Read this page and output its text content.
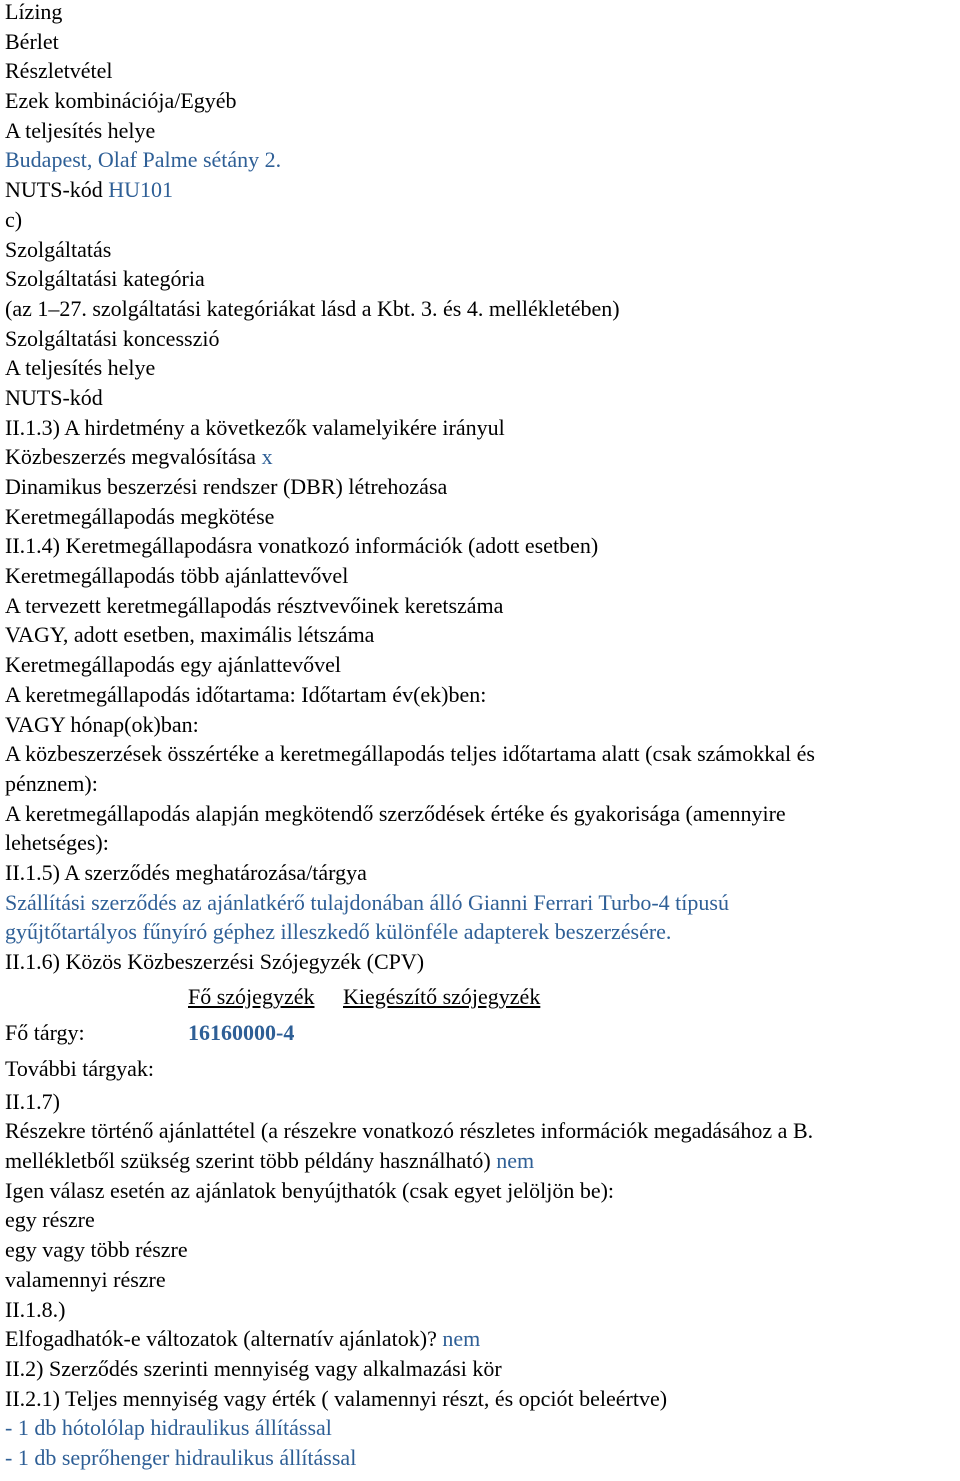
Lízing
Bérlet
Részletvétel
Ezek kombinációja/Egyéb
A teljesítés helye
Budapest, Olaf Palme sétány 2.
NUTS-kód HU101
c)
Szolgáltatás
Szolgáltatási kategória
(az 1–27. szolgáltatási kategóriákat lásd a Kbt. 3. és 4. mellékletében)
Szolgáltatási koncesszió
A teljesítés helye
NUTS-kód
II.1.3) A hirdetmény a következők valamelyikére irányul
Közbeszerzés megvalósítása x
Dinamikus beszerzési rendszer (DBR) létrehozása
Keretmegállapodás megkötése
II.1.4) Keretmegállapodásra vonatkozó információk (adott esetben)
Keretmegállapodás több ajánlattevővel
A tervezett keretmegállapodás résztvevőinek keretszáma
VAGY, adott esetben, maximális létszáma
Keretmegállapodás egy ajánlattevővel
A keretmegállapodás időtartama: Időtartam év(ek)ben:
VAGY hónap(ok)ban:
A közbeszerzések összértéke a keretmegállapodás teljes időtartama alatt (csak számokkal és
pénznem):
A keretmegállapodás alapján megkötendő szerződések értéke és gyakorisága (amennyire
lehetséges):
II.1.5) A szerződés meghatározása/tárgya
Szállítási szerződés az ajánlatkérő tulajdonában álló Gianni Ferrari Turbo-4 típusú
gyűjtőtartályos fűnyíró géphez illeszkedő különféle adapterek beszerzésére.
II.1.6) Közös Közbeszerzési Szójegyzék (CPV)
Fő szójegyzék Kiegészítő szójegyzék
Fő tárgy:	16160000-4
További tárgyak:
II.1.7)
Részekre történő ajánlattétel (a részekre vonatkozó részletes információk megadásához a B.
mellékletből szükség szerint több példány használható) nem
Igen válasz esetén az ajánlatok benyújthatók (csak egyet jelöljön be):
egy részre
egy vagy több részre
valamennyi részre
II.1.8.)
Elfogadhatók-e változatok (alternatív ajánlatok)? nem
II.2) Szerződés szerinti mennyiség vagy alkalmazási kör
II.2.1) Teljes mennyiség vagy érték ( valamennyi részt, és opciót beleértve)
- 1 db hótolólap hidraulikus állítással
- 1 db seprőhenger hidraulikus állítással
